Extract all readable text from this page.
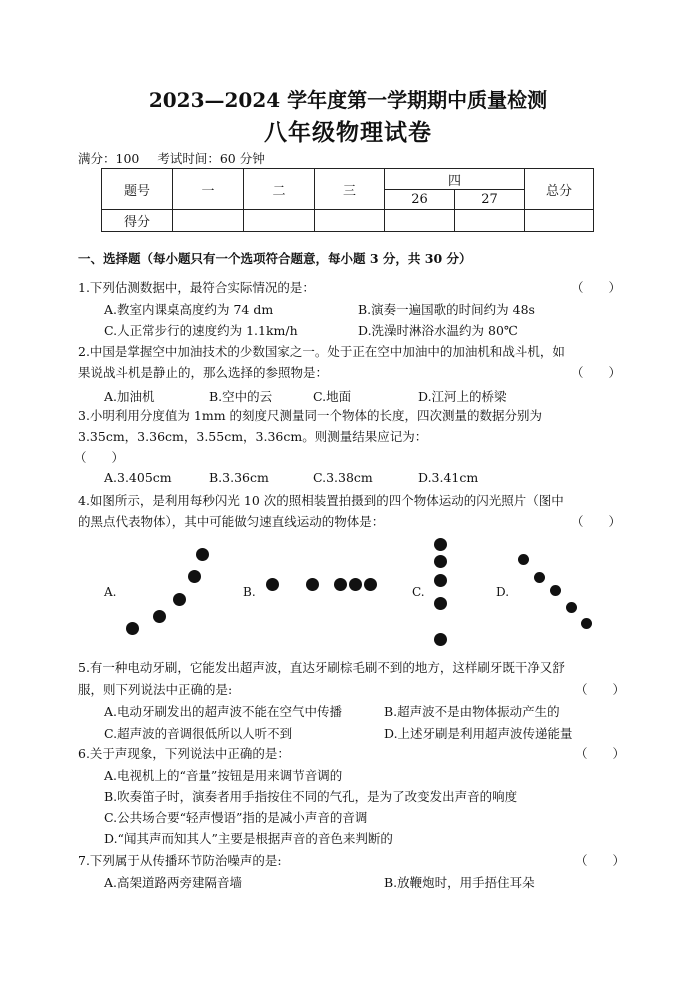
2023—2024 学年度第一学期期中质量检测
八年级物理试卷
满分：100 考试时间：60 分钟
题号	一	二	三	四		总分
				26	27	
得分						
一、选择题（每小题只有一个选项符合题意，每小题 3 分，共 30 分）
1.下列估测数据中，最符合实际情况的是：	（　　）
A.教室内课桌高度约为 74 dm	B.演奏一遍国歌的时间约为 48s
C.人正常步行的速度约为 1.1km/h	D.洗澡时淋浴水温约为 80℃
2.中国是掌握空中加油技术的少数国家之一。处于正在空中加油中的加油机和战斗机，如
果说战斗机是静止的，那么选择的参照物是：	（　　）
A.加油机	B.空中的云	C.地面	D.江河上的桥梁
3.小明利用分度值为 1mm 的刻度尺测量同一个物体的长度，四次测量的数据分别为
3.35cm，3.36cm，3.55cm，3.36cm。则测量结果应记为：
（　　）
A.3.405cm	B.3.36cm	C.3.38cm	D.3.41cm
4.如图所示，是利用每秒闪光 10 次的照相装置拍摄到的四个物体运动的闪光照片（图中
的黑点代表物体），其中可能做匀速直线运动的物体是：	（　　）
A.	B.	C.	D.
5.有一种电动牙刷，它能发出超声波，直达牙刷棕毛刷不到的地方，这样刷牙既干净又舒
服，则下列说法中正确的是:	（　　）
A.电动牙刷发出的超声波不能在空气中传播	B.超声波不是由物体振动产生的
C.超声波的音调很低所以人听不到	D.上述牙刷是利用超声波传递能量
6.关于声现象，下列说法中正确的是：	（　　）
A.电视机上的“音量”按钮是用来调节音调的
B.吹奏笛子时，演奏者用手指按住不同的气孔，是为了改变发出声音的响度
C.公共场合要“轻声慢语”指的是减小声音的音调
D.“闻其声而知其人”主要是根据声音的音色来判断的
7.下列属于从传播环节防治噪声的是:	（　　）
A.高架道路两旁建隔音墙	B.放鞭炮时，用手捂住耳朵
